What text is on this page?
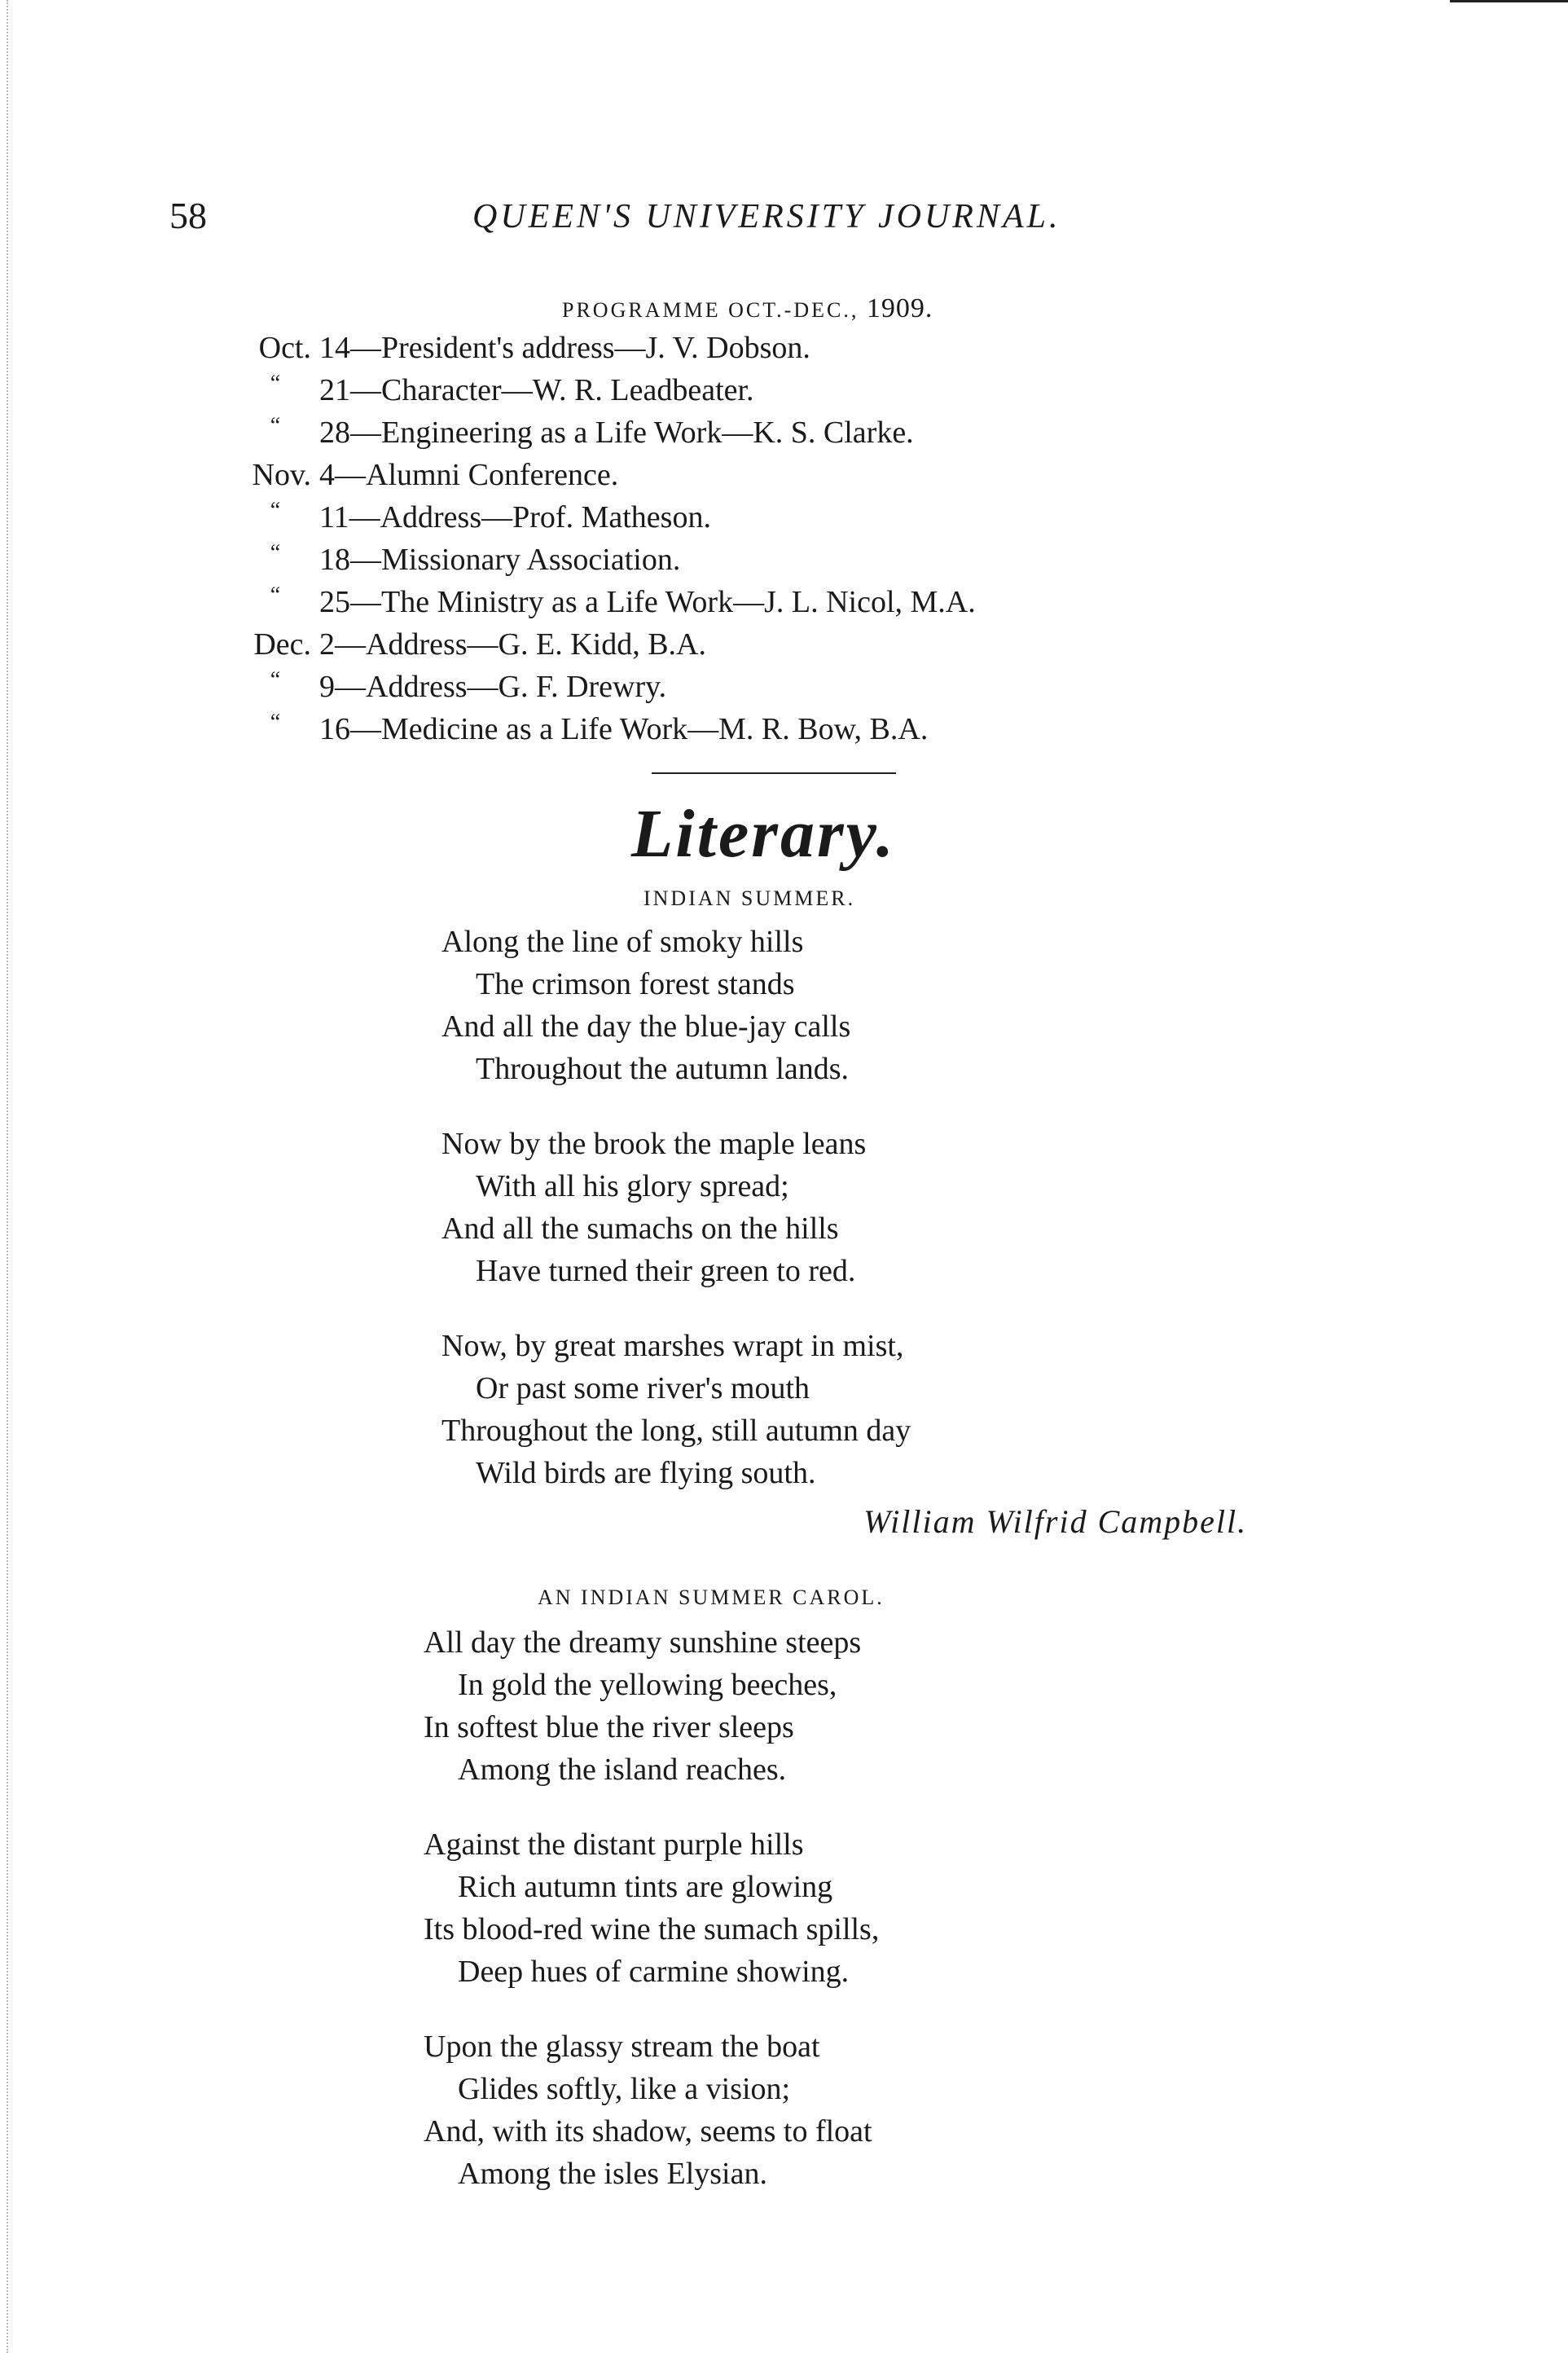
58	QUEEN'S UNIVERSITY JOURNAL.
PROGRAMME OCT.-DEC., 1909.
Oct. 14—President's address—J. V. Dobson.
“	21—Character—W. R. Leadbeater.
“	28—Engineering as a Life Work—K. S. Clarke.
Nov. 4—Alumni Conference.
“	11—Address—Prof. Matheson.
“	18—Missionary Association.
“	25—The Ministry as a Life Work—J. L. Nicol, M.A.
Dec. 2—Address—G. E. Kidd, B.A.
“	9—Address—G. F. Drewry.
“	16—Medicine as a Life Work—M. R. Bow, B.A.
Literary.
INDIAN SUMMER.
Along the line of smoky hills
The crimson forest stands
And all the day the blue-jay calls
Throughout the autumn lands.
Now by the brook the maple leans
With all his glory spread;
And all the sumachs on the hills
Have turned their green to red.
Now, by great marshes wrapt in mist,
Or past some river's mouth
Throughout the long, still autumn day
Wild birds are flying south.
William Wilfrid Campbell.
AN INDIAN SUMMER CAROL.
All day the dreamy sunshine steeps
In gold the yellowing beeches,
In softest blue the river sleeps
Among the island reaches.
Against the distant purple hills
Rich autumn tints are glowing
Its blood-red wine the sumach spills,
Deep hues of carmine showing.
Upon the glassy stream the boat
Glides softly, like a vision;
And, with its shadow, seems to float
Among the isles Elysian.
